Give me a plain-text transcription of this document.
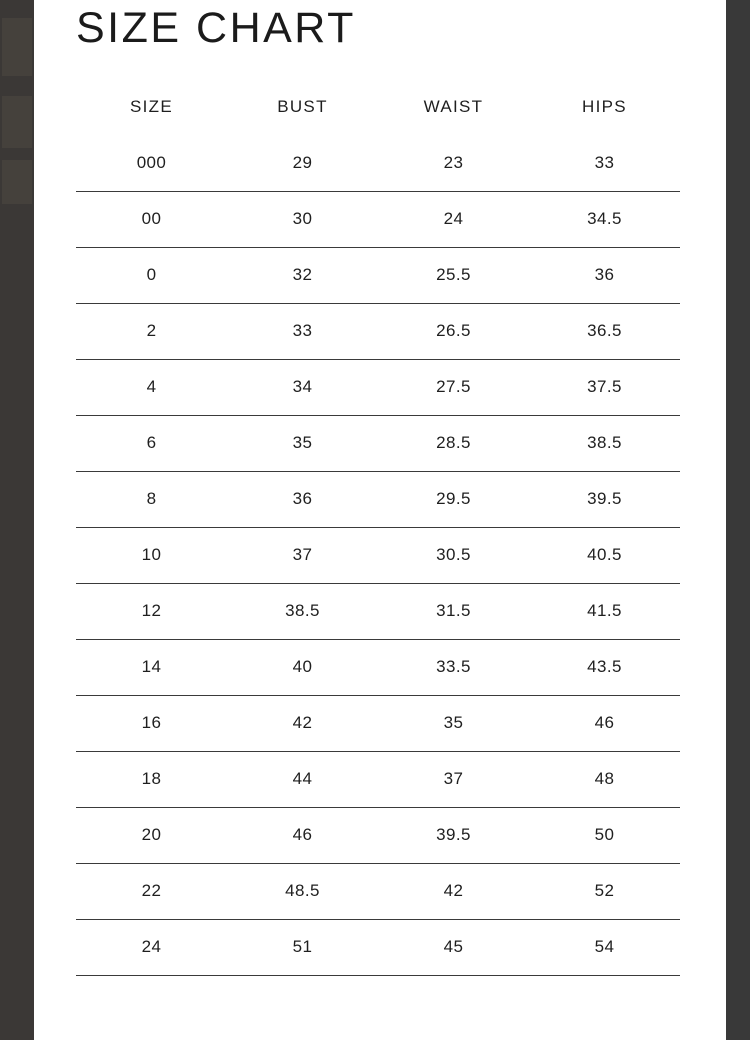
SIZE CHART
SIZE	BUST	WAIST	HIPS
000	29	23	33
00	30	24	34.5
0	32	25.5	36
2	33	26.5	36.5
4	34	27.5	37.5
6	35	28.5	38.5
8	36	29.5	39.5
10	37	30.5	40.5
12	38.5	31.5	41.5
14	40	33.5	43.5
16	42	35	46
18	44	37	48
20	46	39.5	50
22	48.5	42	52
24	51	45	54
